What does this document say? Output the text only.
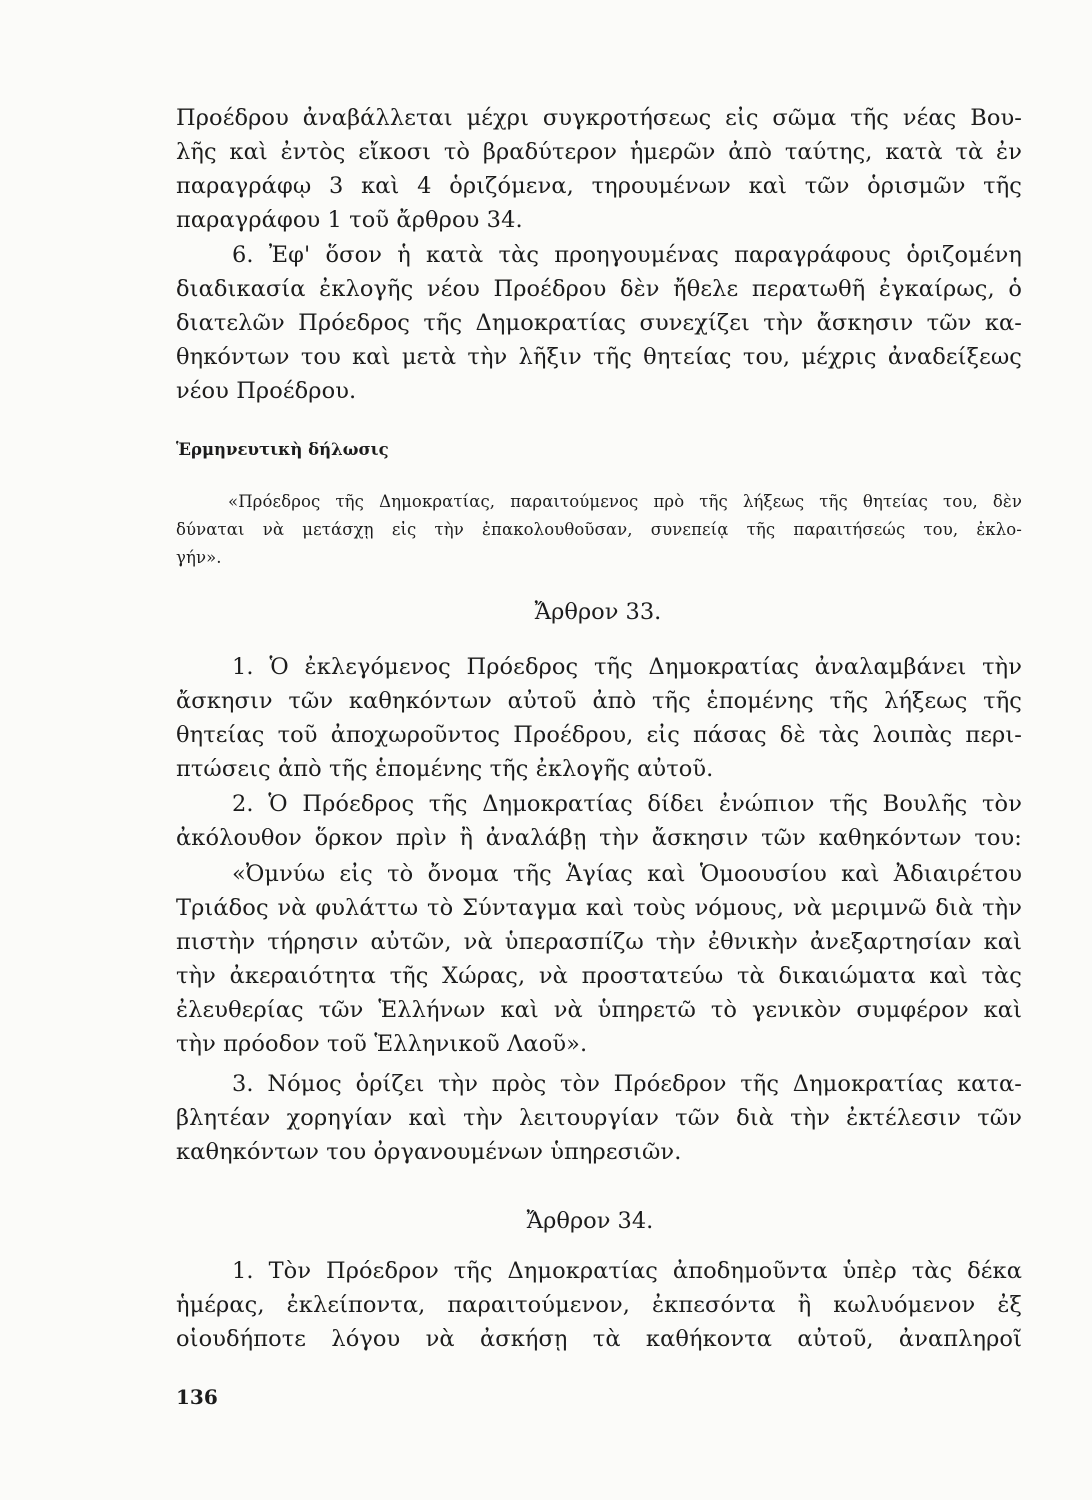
Προέδρου ἀναβάλλεται μέχρι συγκροτήσεως εἰς σῶμα τῆς νέας Βου-
λῆς καὶ ἐντὸς εἴκοσι τὸ βραδύτερον ἡμερῶν ἀπὸ ταύτης, κατὰ τὰ ἐν
παραγράφῳ 3 καὶ 4 ὁριζόμενα, τηρουμένων καὶ τῶν ὁρισμῶν τῆς
παραγράφου 1 τοῦ ἄρθρου 34.
6. Ἐφ' ὅσον ἡ κατὰ τὰς προηγουμένας παραγράφους ὁριζομένη
διαδικασία ἐκλογῆς νέου Προέδρου δὲν ἤθελε περατωθῆ ἐγκαίρως, ὁ
διατελῶν Πρόεδρος τῆς Δημοκρατίας συνεχίζει τὴν ἄσκησιν τῶν κα-
θηκόντων του καὶ μετὰ τὴν λῆξιν τῆς θητείας του, μέχρις ἀναδείξεως
νέου Προέδρου.
Ἑρμηνευτικὴ δήλωσις
«Πρόεδρος τῆς Δημοκρατίας, παραιτούμενος πρὸ τῆς λήξεως τῆς θητείας του, δὲν
δύναται νὰ μετάσχῃ εἰς τὴν ἐπακολουθοῦσαν, συνεπείᾳ τῆς παραιτήσεώς του, ἐκλο-
γήν».
Ἄρθρον 33.
1. Ὁ ἐκλεγόμενος Πρόεδρος τῆς Δημοκρατίας ἀναλαμβάνει τὴν
ἄσκησιν τῶν καθηκόντων αὐτοῦ ἀπὸ τῆς ἑπομένης τῆς λήξεως τῆς
θητείας τοῦ ἀποχωροῦντος Προέδρου, εἰς πάσας δὲ τὰς λοιπὰς περι-
πτώσεις ἀπὸ τῆς ἑπομένης τῆς ἐκλογῆς αὐτοῦ.
2. Ὁ Πρόεδρος τῆς Δημοκρατίας δίδει ἐνώπιον τῆς Βουλῆς τὸν
ἀκόλουθον ὅρκον πρὶν ἢ ἀναλάβῃ τὴν ἄσκησιν τῶν καθηκόντων του:
«Ὀμνύω εἰς τὸ ὄνομα τῆς Ἁγίας καὶ Ὁμοουσίου καὶ Ἀδιαιρέτου
Τριάδος νὰ φυλάττω τὸ Σύνταγμα καὶ τοὺς νόμους, νὰ μεριμνῶ διὰ τὴν
πιστὴν τήρησιν αὐτῶν, νὰ ὑπερασπίζω τὴν ἐθνικὴν ἀνεξαρτησίαν καὶ
τὴν ἀκεραιότητα τῆς Χώρας, νὰ προστατεύω τὰ δικαιώματα καὶ τὰς
ἐλευθερίας τῶν Ἑλλήνων καὶ νὰ ὑπηρετῶ τὸ γενικὸν συμφέρον καὶ
τὴν πρόοδον τοῦ Ἑλληνικοῦ Λαοῦ».
3. Νόμος ὁρίζει τὴν πρὸς τὸν Πρόεδρον τῆς Δημοκρατίας κατα-
βλητέαν χορηγίαν καὶ τὴν λειτουργίαν τῶν διὰ τὴν ἐκτέλεσιν τῶν
καθηκόντων του ὀργανουμένων ὑπηρεσιῶν.
Ἄρθρον 34.
1. Τὸν Πρόεδρον τῆς Δημοκρατίας ἀποδημοῦντα ὑπὲρ τὰς δέκα
ἡμέρας, ἐκλείποντα, παραιτούμενον, ἐκπεσόντα ἢ κωλυόμενον ἐξ
οἱουδήποτε λόγου νὰ ἀσκήσῃ τὰ καθήκοντα αὐτοῦ, ἀναπληροῖ
136
